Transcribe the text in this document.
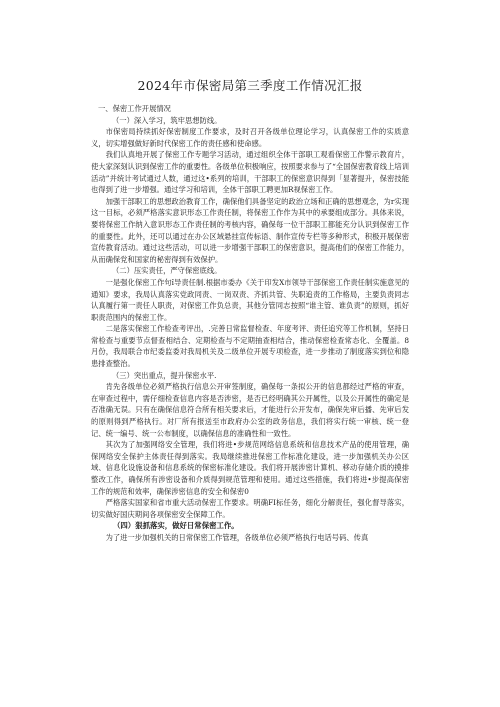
2024年市保密局第三季度工作情况汇报

一、保密工作开展情况

（一）深入学习，筑牢思想防线。

市保密局持续抓好保密制度工作要求，及时召开各级单位理论学习，认真保密工作的实质意义，切实增强做好新时代保密工作的责任感和使命感。

我们认真地开展了保密工作专题学习活动，通过组织全体干部职工观看保密工作警示教育片，使大家深刻认识到保密工作的重要性。各级单位积极响应，按照要求参与了“全国保密教育线上培训活动”并统计考试通过人数，通过这•系列的培训，干部职工的保密意识得到「显著提升，保密技能也得到了进一步增强。通过学习和培训，全体干部职工聘更加R视保密工作。

加强干部职工的思想政治教育工作，确保他们具备坚定的政治立场和正确的思想观念，为r实现这一目标，必须严格落实意识形态工作责任制，将保密工作作为其中的承要组成部分。具体来说，要将保密工作纳入意识形态工作责任制的考核内容，确保每一位干部职工都能充分认识到保密工作的重要性。此外，还可以通过在办公区域悬挂宣传标语、制作宣传专栏等多种形式，积极开展保密宣传教育活动。通过这些活动，可以进一步增强干部职工的保密意识，提高他们的保密工作能力，从而确保党和国家的秘密得到有效保护。

（二）压实责任，严守保密底线。

一是强化保密工作句î导责任制.根据市委办《关于印发X市领导干部保密工作责任制实施意见的通知》要求，我局认真落实党政同责、一岗双责、齐抓共管、失职追责的工作格局，主要负责同志认真履行第一责任人职责，对保密工作负总责，其他分管同志按照“谁主管、谁负责”的原则，抓好职责范围内的保密工作。

二是落实保密工作检查考评出，.完善日常监督检查、年度考评、责任追究等工作机制，坚持日常检查与重要节点督查相结合、定期检查与不定期抽查相结合，推动保密检查常态化、全覆盖。8月份，我局联合市纪委监委对我局机关及二级单位开展专项检查，进一步推动了制度落实到位和隐患排查整治。

（三）突出重点，提升保密水平.

肯先各级单位必须严格执行信息公开审签制度，确保每一条拟公开的信息都经过严格的审查，在审查过程中，需仔细检查信息内容是否涉密，是否已经明确其公开属性，以及公开属性的确定是否准确无误。只有在确保信息符合所有相关要求后，才能进行公开发布，确保先审后播、先审后发的原则得到严格执行。对厂所有报送至市政府办公室的政务信息，我们将实行统一审核、统一登记、统一编号、统一公布制度，以确保信息的准确性和一致性。

其次为了加强网络安全管理，我们将进•步规范网络信息系统和信息技术产品的使用管理，确保网络安全保护主体责任得到落实。我局继续推进保密工作标准化建设，进一步加强机关办公区域、信息化设施设备和信息系统的保密标准化建设。我们将开展涉密计算机、移动存储介质的摸排整改工作，确保所有涉密设备和介质得到规范管理和使用。通过这些措施，我们将进•步提高保密工作的规范和效率，确保涉密信息的安全和保密0

严格落实国家和省市重大活动保密工作要求。明确FI标任务，细化分解责任，强化督导落实，切实做好国庆期间各项保密安全保障工作。

（四）狠抓落实，做好日常保密工作。

为了进一步加强机关的日常保密工作管理，各级单位必须严格执行电话号码、传真
